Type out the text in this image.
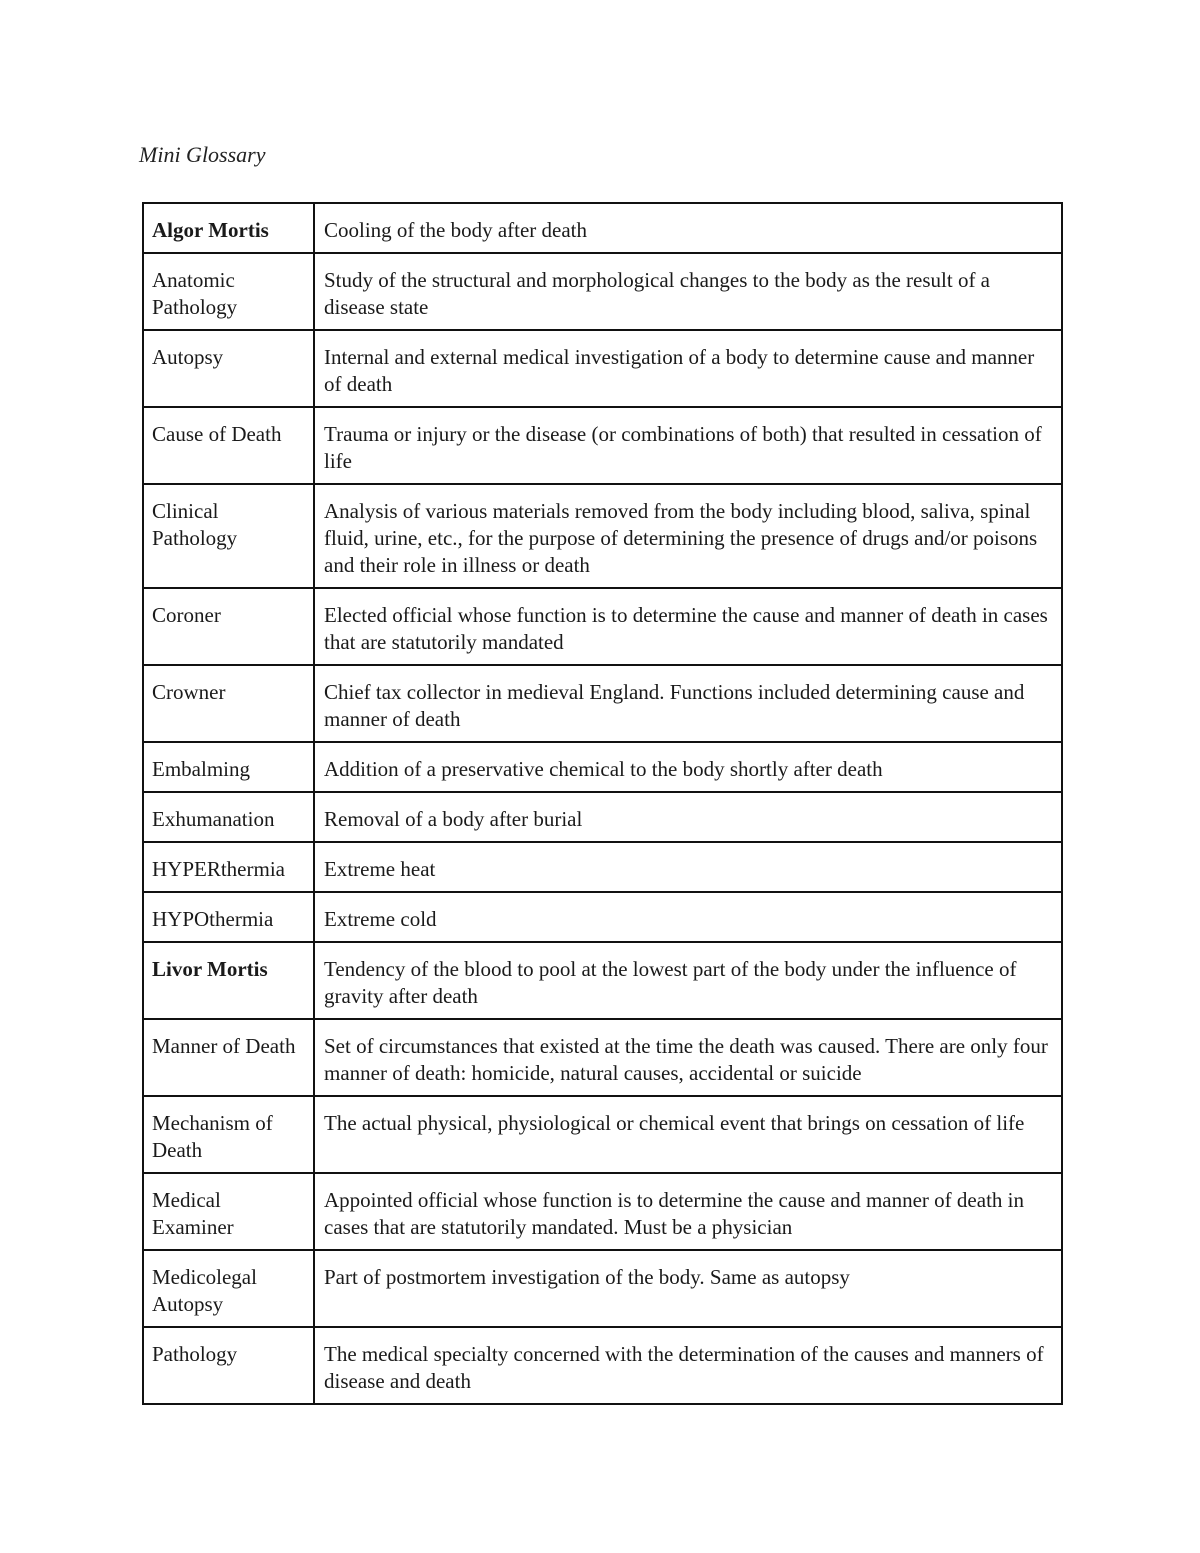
Mini Glossary
Algor Mortis	Cooling of the body after death
Anatomic Pathology	Study of the structural and morphological changes to the body as the result of a disease state
Autopsy	Internal and external medical investigation of a body to determine cause and manner of death
Cause of Death	Trauma or injury or the disease (or combinations of both) that resulted in cessation of life
Clinical Pathology	Analysis of various materials removed from the body including blood, saliva, spinal fluid, urine, etc., for the purpose of determining the presence of drugs and/or poisons and their role in illness or death
Coroner	Elected official whose function is to determine the cause and manner of death in cases that are statutorily mandated
Crowner	Chief tax collector in medieval England. Functions included determining cause and manner of death
Embalming	Addition of a preservative chemical to the body shortly after death
Exhumanation	Removal of a body after burial
HYPERthermia	Extreme heat
HYPOthermia	Extreme cold
Livor Mortis	Tendency of the blood to pool at the lowest part of the body under the influence of gravity after death
Manner of Death	Set of circumstances that existed at the time the death was caused. There are only four manner of death: homicide, natural causes, accidental or suicide
Mechanism of Death	The actual physical, physiological or chemical event that brings on cessation of life
Medical Examiner	Appointed official whose function is to determine the cause and manner of death in cases that are statutorily mandated. Must be a physician
Medicolegal Autopsy	Part of postmortem investigation of the body. Same as autopsy
Pathology	The medical specialty concerned with the determination of the causes and manners of disease and death
